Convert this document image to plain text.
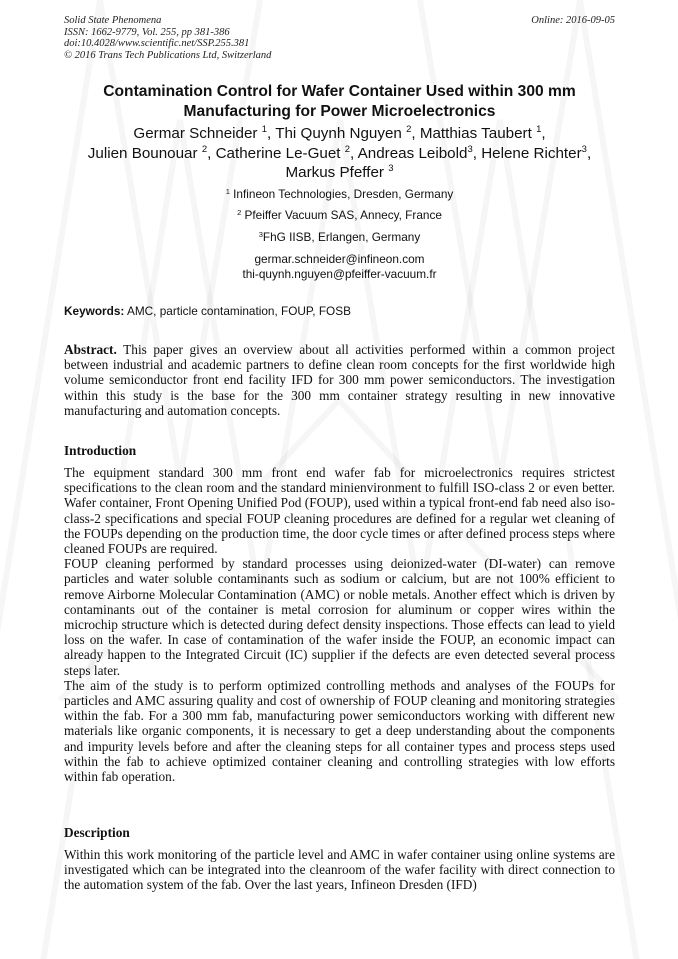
Solid State Phenomena
ISSN: 1662-9779, Vol. 255, pp 381-386
doi:10.4028/www.scientific.net/SSP.255.381
© 2016 Trans Tech Publications Ltd, Switzerland
Online: 2016-09-05
Contamination Control for Wafer Container Used within 300 mm Manufacturing for Power Microelectronics
Germar Schneider $^1$, Thi Quynh Nguyen $^2$, Matthias Taubert $^1$,
Julien Bounouar $^2$, Catherine Le-Guet $^2$, Andreas Leibold$^3$, Helene Richter$^3$,
Markus Pfeffer $^3$
$^1$ Infineon Technologies, Dresden, Germany
$^2$ Pfeiffer Vacuum SAS, Annecy, France
$^3$FhG IISB, Erlangen, Germany
germar.schneider@infineon.com
thi-quynh.nguyen@pfeiffer-vacuum.fr
Keywords: AMC, particle contamination, FOUP, FOSB

Abstract. This paper gives an overview about all activities performed within a common project between industrial and academic partners to define clean room concepts for the first worldwide high volume semiconductor front end facility IFD for 300 mm power semiconductors. The investigation within this study is the base for the 300 mm container strategy resulting in new innovative manufacturing and automation concepts.

Introduction

The equipment standard 300 mm front end wafer fab for microelectronics requires strictest specifications to the clean room and the standard minienvironment to fulfill ISO-class 2 or even better. Wafer container, Front Opening Unified Pod (FOUP), used within a typical front-end fab need also iso-class-2 specifications and special FOUP cleaning procedures are defined for a regular wet cleaning of the FOUPs depending on the production time, the door cycle times or after defined process steps where cleaned FOUPs are required.

FOUP cleaning performed by standard processes using deionized-water (DI-water) can remove particles and water soluble contaminants such as sodium or calcium, but are not 100% efficient to remove Airborne Molecular Contamination (AMC) or noble metals. Another effect which is driven by contaminants out of the container is metal corrosion for aluminum or copper wires within the microchip structure which is detected during defect density inspections. Those effects can lead to yield loss on the wafer. In case of contamination of the wafer inside the FOUP, an economic impact can already happen to the Integrated Circuit (IC) supplier if the defects are even detected several process steps later.

The aim of the study is to perform optimized controlling methods and analyses of the FOUPs for particles and AMC assuring quality and cost of ownership of FOUP cleaning and monitoring strategies within the fab. For a 300 mm fab, manufacturing power semiconductors working with different new materials like organic components, it is necessary to get a deep understanding about the components and impurity levels before and after the cleaning steps for all container types and process steps used within the fab to achieve optimized container cleaning and controlling strategies with low efforts within fab operation.

Description

Within this work monitoring of the particle level and AMC in wafer container using online systems are investigated which can be integrated into the cleanroom of the wafer facility with direct connection to the automation system of the fab. Over the last years, Infineon Dresden (IFD)
